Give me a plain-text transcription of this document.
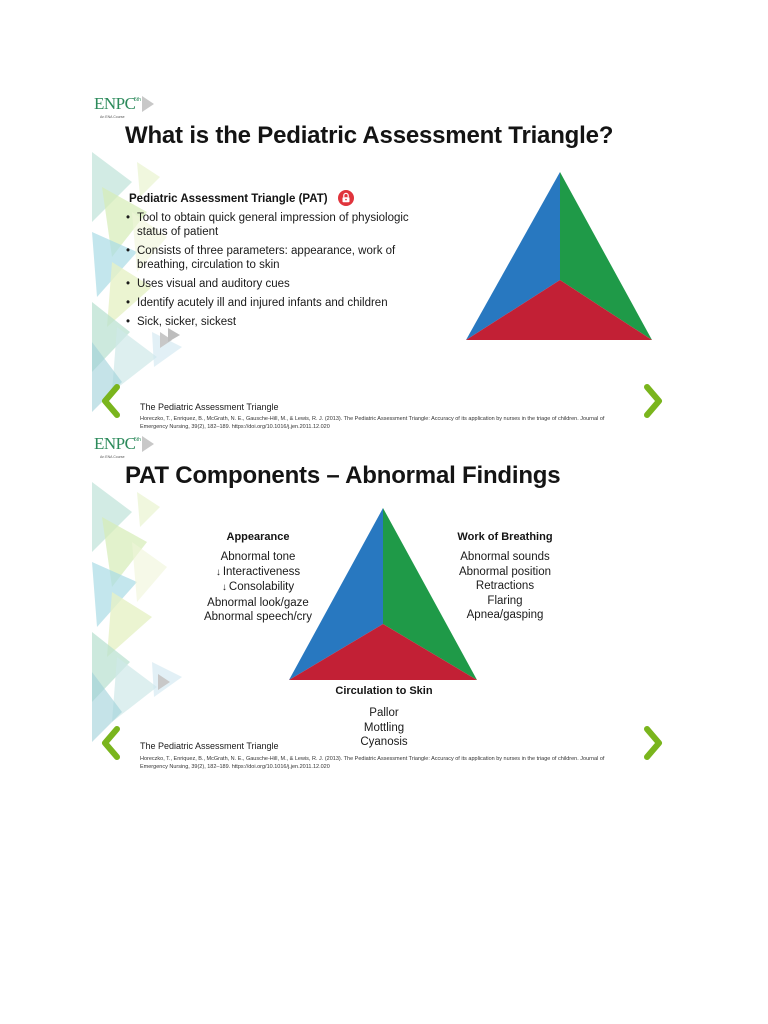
ENPC
5th
An ENA Course
What is the Pediatric Assessment Triangle?
Pediatric Assessment Triangle (PAT)
• Tool to obtain quick general impression of physiologic status of patient
• Consists of three parameters: appearance, work of breathing, circulation to skin
• Uses visual and auditory cues
• Identify acutely ill and injured infants and children
• Sick, sicker, sickest
The Pediatric Assessment Triangle
Horeczko, T., Enriquez, B., McGrath, N. E., Gausche-Hill, M., & Lewis, R. J. (2013). The Pediatric Assessment Triangle: Accuracy of its application by nurses in the triage of children. Journal of Emergency Nursing, 39(2), 182–189. https://doi.org/10.1016/j.jen.2011.12.020
ENPC
5th
An ENA Course
PAT Components – Abnormal Findings
Appearance
Abnormal tone
↓ Interactiveness
↓ Consolability
Abnormal look/gaze
Abnormal speech/cry
Work of Breathing
Abnormal sounds
Abnormal position
Retractions
Flaring
Apnea/gasping
Circulation to Skin
Pallor
Mottling
Cyanosis
The Pediatric Assessment Triangle
Horeczko, T., Enriquez, B., McGrath, N. E., Gausche-Hill, M., & Lewis, R. J. (2013). The Pediatric Assessment Triangle: Accuracy of its application by nurses in the triage of children. Journal of Emergency Nursing, 39(2), 182–189. https://doi.org/10.1016/j.jen.2011.12.020
